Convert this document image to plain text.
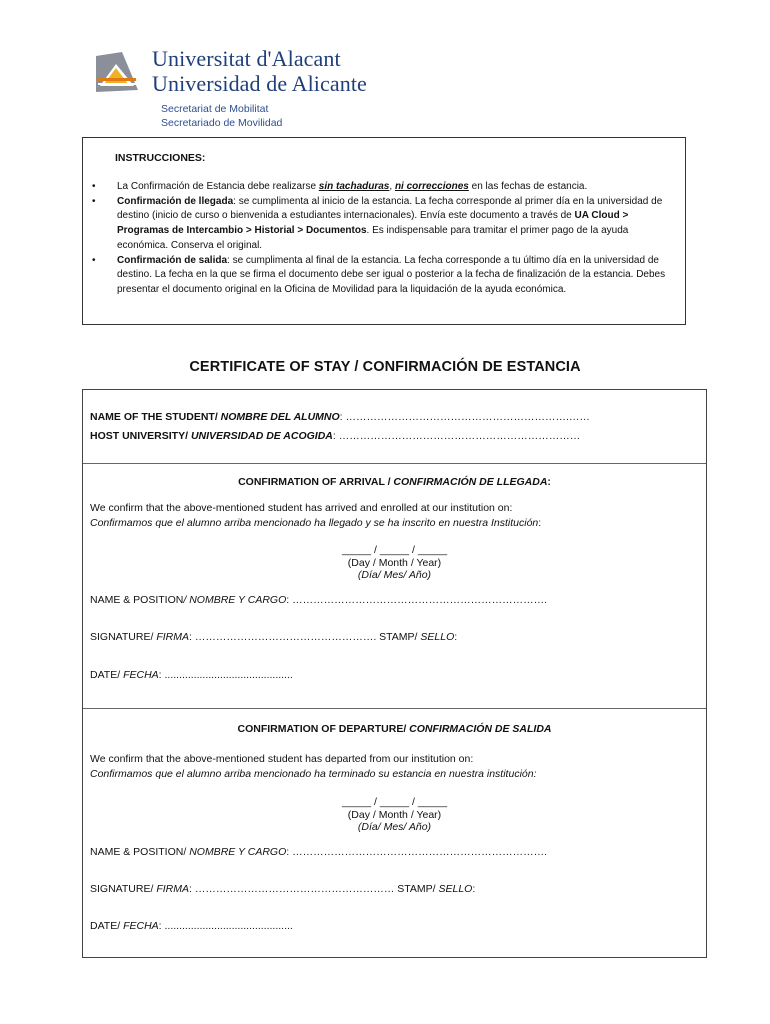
Universitat d'Alacant
Universidad de Alicante
Secretariat de Mobilitat
Secretariado de Movilidad
INSTRUCCIONES:
• La Confirmación de Estancia debe realizarse sin tachaduras, ni correcciones en las fechas de estancia.
• Confirmación de llegada: se cumplimenta al inicio de la estancia. La fecha corresponde al primer día en la universidad de destino (inicio de curso o bienvenida a estudiantes internacionales). Envía este documento a través de UA Cloud > Programas de Intercambio > Historial > Documentos. Es indispensable para tramitar el primer pago de la ayuda económica. Conserva el original.
• Confirmación de salida: se cumplimenta al final de la estancia. La fecha corresponde a tu último día en la universidad de destino. La fecha en la que se firma el documento debe ser igual o posterior a la fecha de finalización de la estancia. Debes presentar el documento original en la Oficina de Movilidad para la liquidación de la ayuda económica.
CERTIFICATE OF STAY / CONFIRMACIÓN DE ESTANCIA
NAME OF THE STUDENT/ NOMBRE DEL ALUMNO: ……………………………………………………….……
HOST UNIVERSITY/ UNIVERSIDAD DE ACOGIDA: ……………………………………………………………
CONFIRMATION OF ARRIVAL / CONFIRMACIÓN DE LLEGADA:
We confirm that the above-mentioned student has arrived and enrolled at our institution on:
Confirmamos que el alumno arriba mencionado ha llegado y se ha inscrito en nuestra Institución:
_____ / _____ / _____
(Day / Month / Year)
(Día/ Mes/ Año)
NAME & POSITION/ NOMBRE Y CARGO: ……………………………………………………………….
SIGNATURE/ FIRMA: ……………………………………………. STAMP/ SELLO:
DATE/ FECHA: ............................................
CONFIRMATION OF DEPARTURE/ CONFIRMACIÓN DE SALIDA
We confirm that the above-mentioned student has departed from our institution on:
Confirmamos que el alumno arriba mencionado ha terminado su estancia en nuestra institución:
_____ / _____ / _____
(Day / Month / Year)
(Día/ Mes/ Año)
NAME & POSITION/ NOMBRE Y CARGO: ……………………………………………………………….
SIGNATURE/ FIRMA: ………………………………………………… STAMP/ SELLO:
DATE/ FECHA: ............................................
